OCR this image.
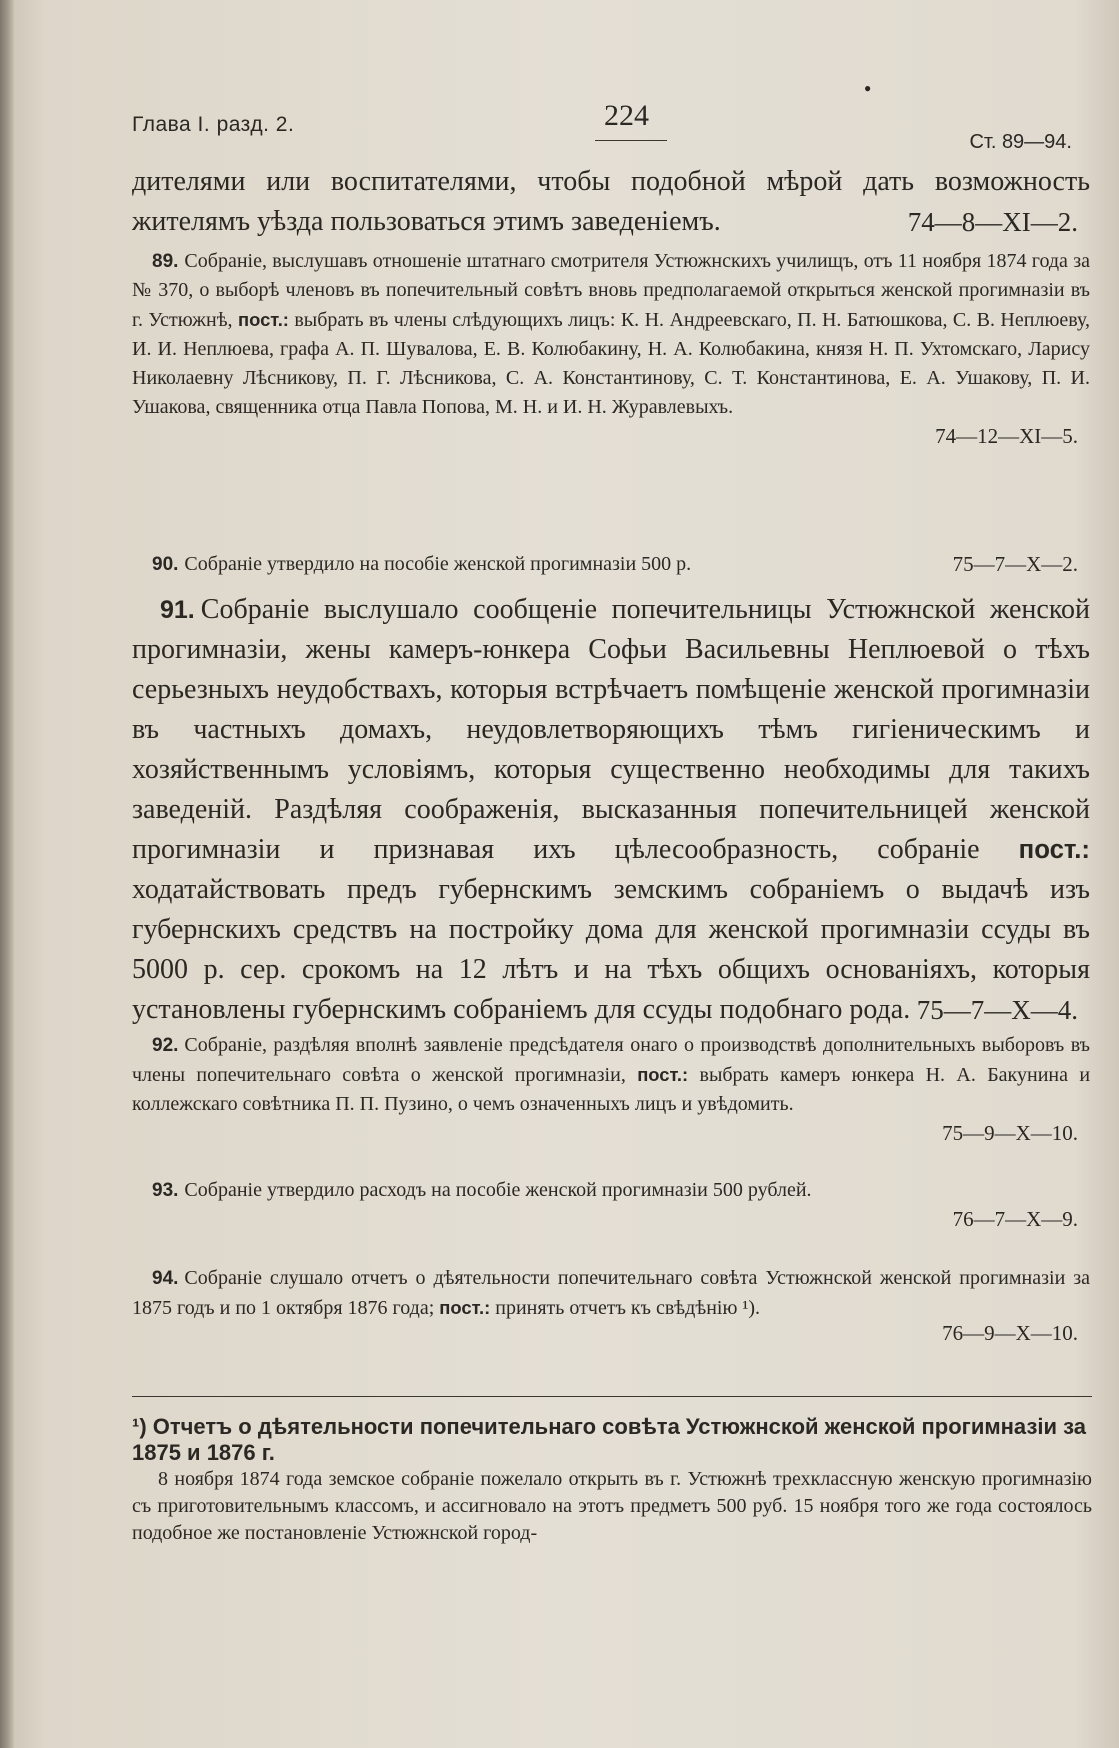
●
Глава I. разд. 2.	224
Ст. 89—94.

дителями или воспитателями, чтобы подобной мѣрой дать возможность жителямъ уѣзда пользоваться этимъ заведеніемъ.	74—8—XI—2.

 89. Собраніе, выслушавъ отношеніе штатнаго смотрителя Устюжнскихъ училищъ, отъ 11 ноября 1874 года за № 370, о выборѣ членовъ въ попечительный совѣтъ вновь предполагаемой открыться женской прогимназіи въ г. Устюжнѣ, пост.: выбрать въ члены слѣдующихъ лицъ: К. Н. Андреевскаго, П. Н. Батюшкова, С. В. Неплюеву, И. И. Неплюева, графа А. П. Шувалова, Е. В. Колюбакину, Н. А. Колюбакина, князя Н. П. Ухтомскаго, Ларису Николаевну Лѣсникову, П. Г. Лѣсникова, С. А. Константинову, С. Т. Константинова, Е. А. Ушакову, П. И. Ушакова, священника отца Павла Попова, М. Н. и И. Н. Журавлевыхъ.

74—12—XI—5.

 90. Собраніе утвердило на пособіе женской прогимназіи 500 р.	75—7—X—2.

 91. Собраніе выслушало сообщеніе попечительницы Устюжнской женской прогимназіи, жены камеръ-юнкера Софьи Васильевны Неплюевой о тѣхъ серьезныхъ неудобствахъ, которыя встрѣчаетъ помѣщеніе женской прогимназіи въ частныхъ домахъ, неудовлетворяющихъ тѣмъ гигіеническимъ и хозяйственнымъ условіямъ, которыя существенно необходимы для такихъ заведеній. Раздѣляя соображенія, высказанныя попечительницей женской прогимназіи и признавая ихъ цѣлесообразность, собраніе пост.: ходатайствовать предъ губернскимъ земскимъ собраніемъ о выдачѣ изъ губернскихъ средствъ на постройку дома для женской прогимназіи ссуды въ 5000 р. сер. срокомъ на 12 лѣтъ и на тѣхъ общихъ основаніяхъ, которыя установлены губернскимъ собраніемъ для ссуды подобнаго рода. 75—7—X—4.

 92. Собраніе, раздѣляя вполнѣ заявленіе предсѣдателя онаго о производствѣ дополнительныхъ выборовъ въ члены попечительнаго совѣта о женской прогимназіи, пост.: выбрать камеръ юнкера Н. А. Бакунина и коллежскаго совѣтника П. П. Пузино, о чемъ означенныхъ лицъ и увѣдомить.

75—9—X—10.

 93. Собраніе утвердило расходъ на пособіе женской прогимназіи 500 рублей.

76—7—X—9.

 94. Собраніе слушало отчетъ о дѣятельности попечительнаго совѣта Устюжнской женской прогимназіи за 1875 годъ и по 1 октября 1876 года; пост.: принять отчетъ къ свѣдѣнію ¹).

76—9—X—10.
¹) Отчетъ о дѣятельности попечительнаго совѣта Устюжнской женской прогимназіи за 1875 и 1876 г.
8 ноября 1874 года земское собраніе пожелало открыть въ г. Устюжнѣ трехклассную женскую прогимназію съ приготовительнымъ классомъ, и ассигновало на этотъ предметъ 500 руб. 15 ноября того же года состоялось подобное же постановленіе Устюжнской город-
